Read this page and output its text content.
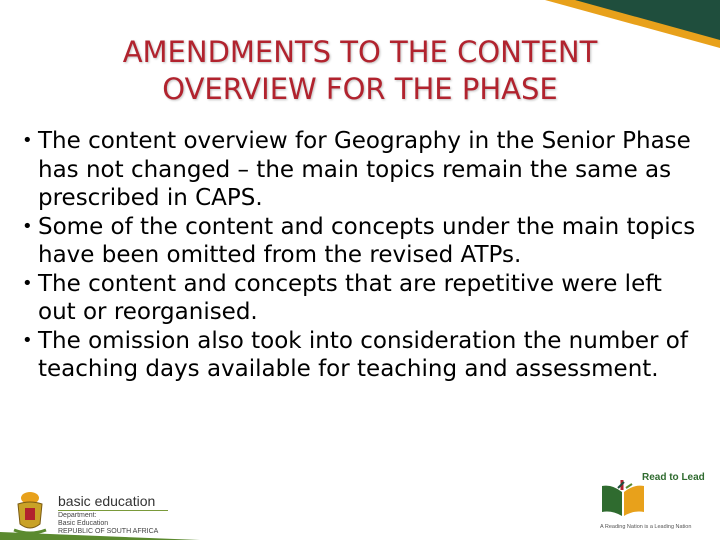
AMENDMENTS TO THE CONTENT
OVERVIEW FOR THE PHASE
• The content overview for Geography in the Senior Phase has not changed – the main topics remain the same as prescribed in CAPS.
• Some of the content and concepts under the main topics have been omitted from the revised ATPs.
• The content and concepts that are repetitive were left out or reorganised.
• The omission also took into consideration the number of teaching days available for teaching and assessment.
basic education
Department:
Basic Education
REPUBLIC OF SOUTH AFRICA
Read to Lead
A Reading Nation is a Leading Nation
